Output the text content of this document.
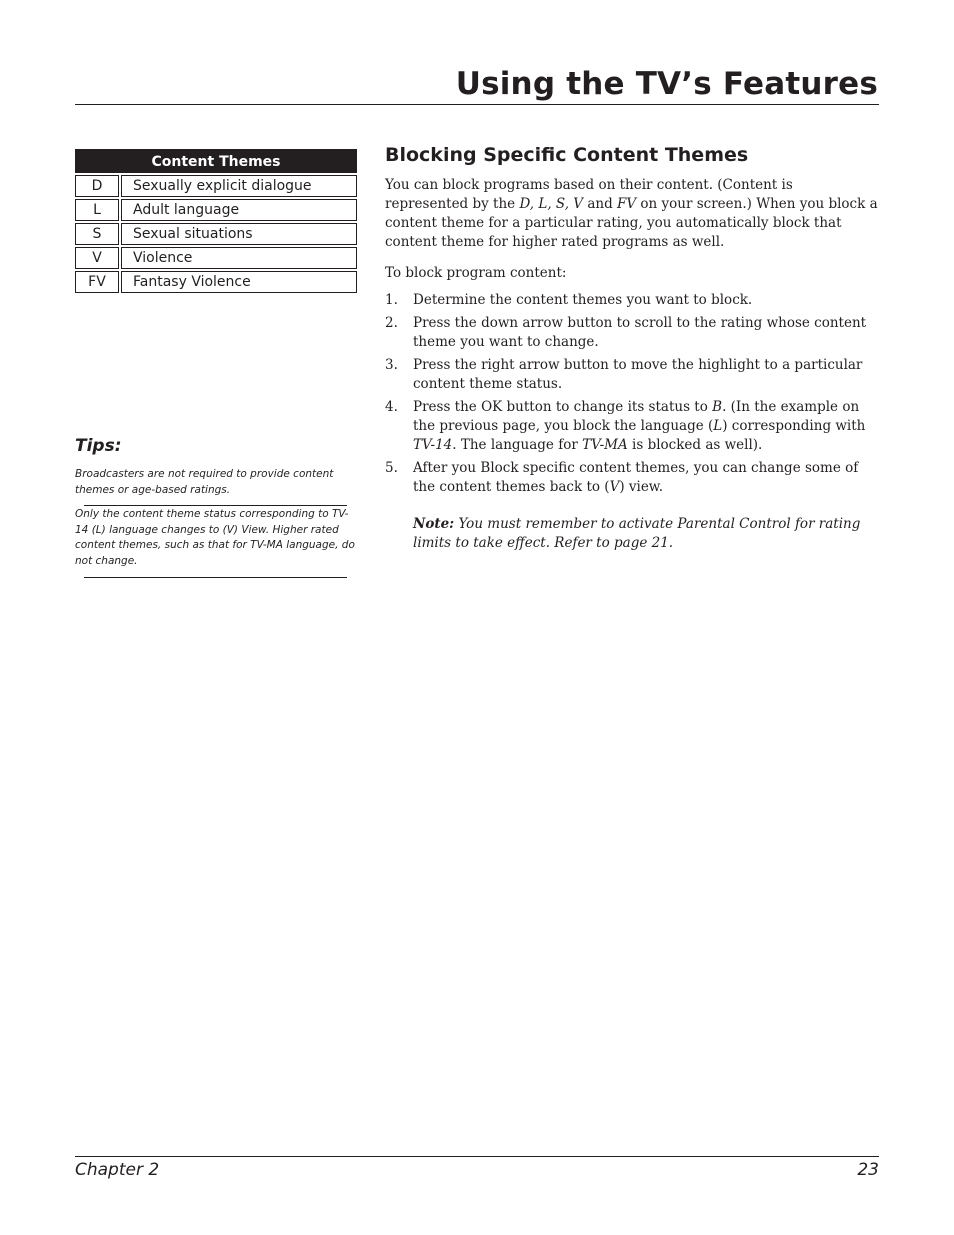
Using the TV’s Features
Content Themes
D	Sexually explicit dialogue
L	Adult language
S	Sexual situations
V	Violence
FV	Fantasy Violence
Tips:
Broadcasters are not required to provide content themes or age-based ratings.
Only the content theme status corresponding to TV-14 (L) language changes to (V) View. Higher rated content themes, such as that for TV-MA language, do not change.
Blocking Specific Content Themes
You can block programs based on their content. (Content is represented by the D, L, S, V and FV on your screen.) When you block a content theme for a particular rating, you automatically block that content theme for higher rated programs as well.
To block program content:
1.	Determine the content themes you want to block.
2.	Press the down arrow button to scroll to the rating whose content theme you want to change.
3.	Press the right arrow button to move the highlight to a particular content theme status.
4.	Press the OK button to change its status to B. (In the example on the previous page, you block the language (L) corresponding with TV-14. The language for TV-MA is blocked as well).
5.	After you Block specific content themes, you can change some of the content themes back to (V) view.
Note: You must remember to activate Parental Control for rating limits to take effect. Refer to page 21.
Chapter 2	23
